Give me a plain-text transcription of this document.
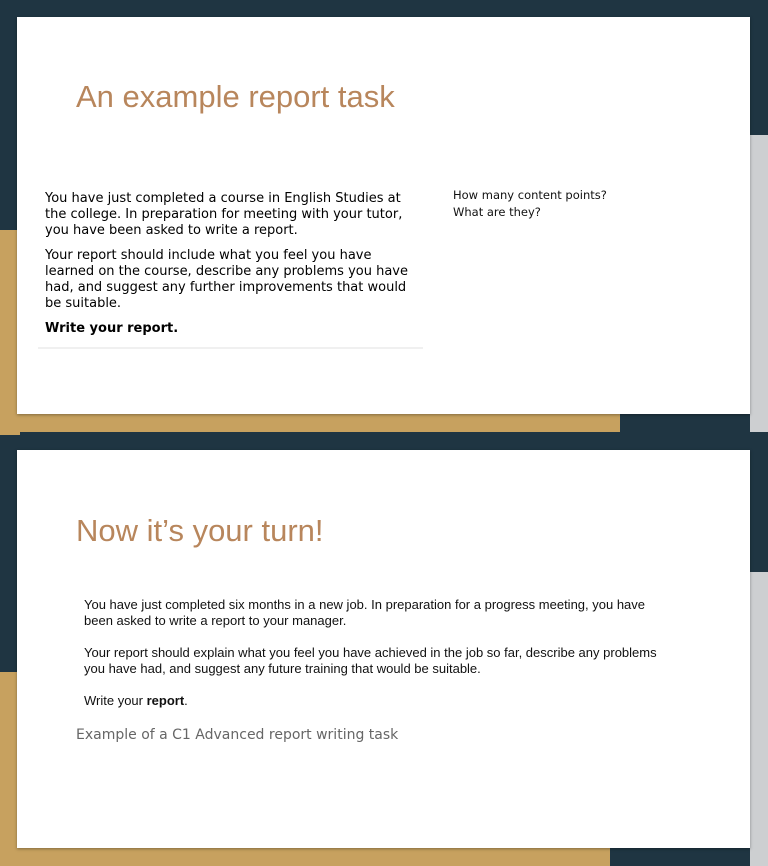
An example report task

You have just completed a course in English Studies at the college. In preparation for meeting with your tutor, you have been asked to write a report.

Your report should include what you feel you have learned on the course, describe any problems you have had, and suggest any further improvements that would be suitable.

Write your report.

How many content points?
What are they?
Now it’s your turn!

You have just completed six months in a new job. In preparation for a progress meeting, you have been asked to write a report to your manager.

Your report should explain what you feel you have achieved in the job so far, describe any problems you have had, and suggest any future training that would be suitable.

Write your report.

Example of a C1 Advanced report writing task
